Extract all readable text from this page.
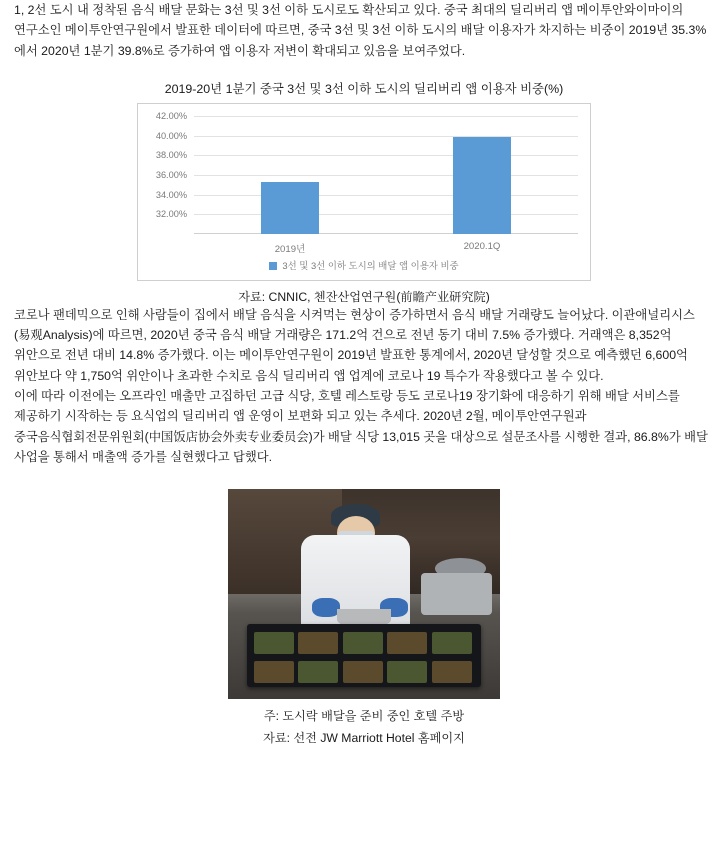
1, 2선 도시 내 정착된 음식 배달 문화는 3선 및 3선 이하 도시로도 확산되고 있다. 중국 최대의 딜리버리 앱 메이투안와이마이의 연구소인 메이투안연구원에서 발표한 데이터에 따르면, 중국 3선 및 3선 이하 도시의 배달 이용자가 차지하는 비중이 2019년 35.3%에서 2020년 1분기 39.8%로 증가하여 앱 이용자 저변이 확대되고 있음을 보여주었다.

2019-20년 1분기 중국 3선 및 3선 이하 도시의 딜리버리 앱 이용자 비중(%)
32.00%
34.00%
36.00%
38.00%
40.00%
42.00%
2019년	2020.1Q
3선 및 3선 이하 도시의 배달 앱 이용자 비중
자료: CNNIC, 첸잔산업연구원(前瞻产业研究院)

코로나 팬데믹으로 인해 사람들이 집에서 배달 음식을 시켜먹는 현상이 증가하면서 음식 배달 거래량도 늘어났다. 이관애널리시스(易观Analysis)에 따르면, 2020년 중국 음식 배달 거래량은 171.2억 건으로 전년 동기 대비 7.5% 증가했다. 거래액은 8,352억 위안으로 전년 대비 14.8% 증가했다. 이는 메이투안연구원이 2019년 발표한 통계에서, 2020년 달성할 것으로 예측했던 6,600억 위안보다 약 1,750억 위안이나 초과한 수치로 음식 딜리버리 앱 업계에 코로나 19 특수가 작용했다고 볼 수 있다.

이에 따라 이전에는 오프라인 매출만 고집하던 고급 식당, 호텔 레스토랑 등도 코로나19 장기화에 대응하기 위해 배달 서비스를 제공하기 시작하는 등 요식업의 딜리버리 앱 운영이 보편화 되고 있는 추세다. 2020년 2월, 메이투안연구원과 중국음식협회전문위원회(中国饭店协会外卖专业委员会)가 배달 식당 13,015 곳을 대상으로 설문조사를 시행한 결과, 86.8%가 배달 사업을 통해서 매출액 증가를 실현했다고 답했다.

주: 도시락 배달을 준비 중인 호텔 주방
자료: 선전 JW Marriott Hotel 홈페이지
